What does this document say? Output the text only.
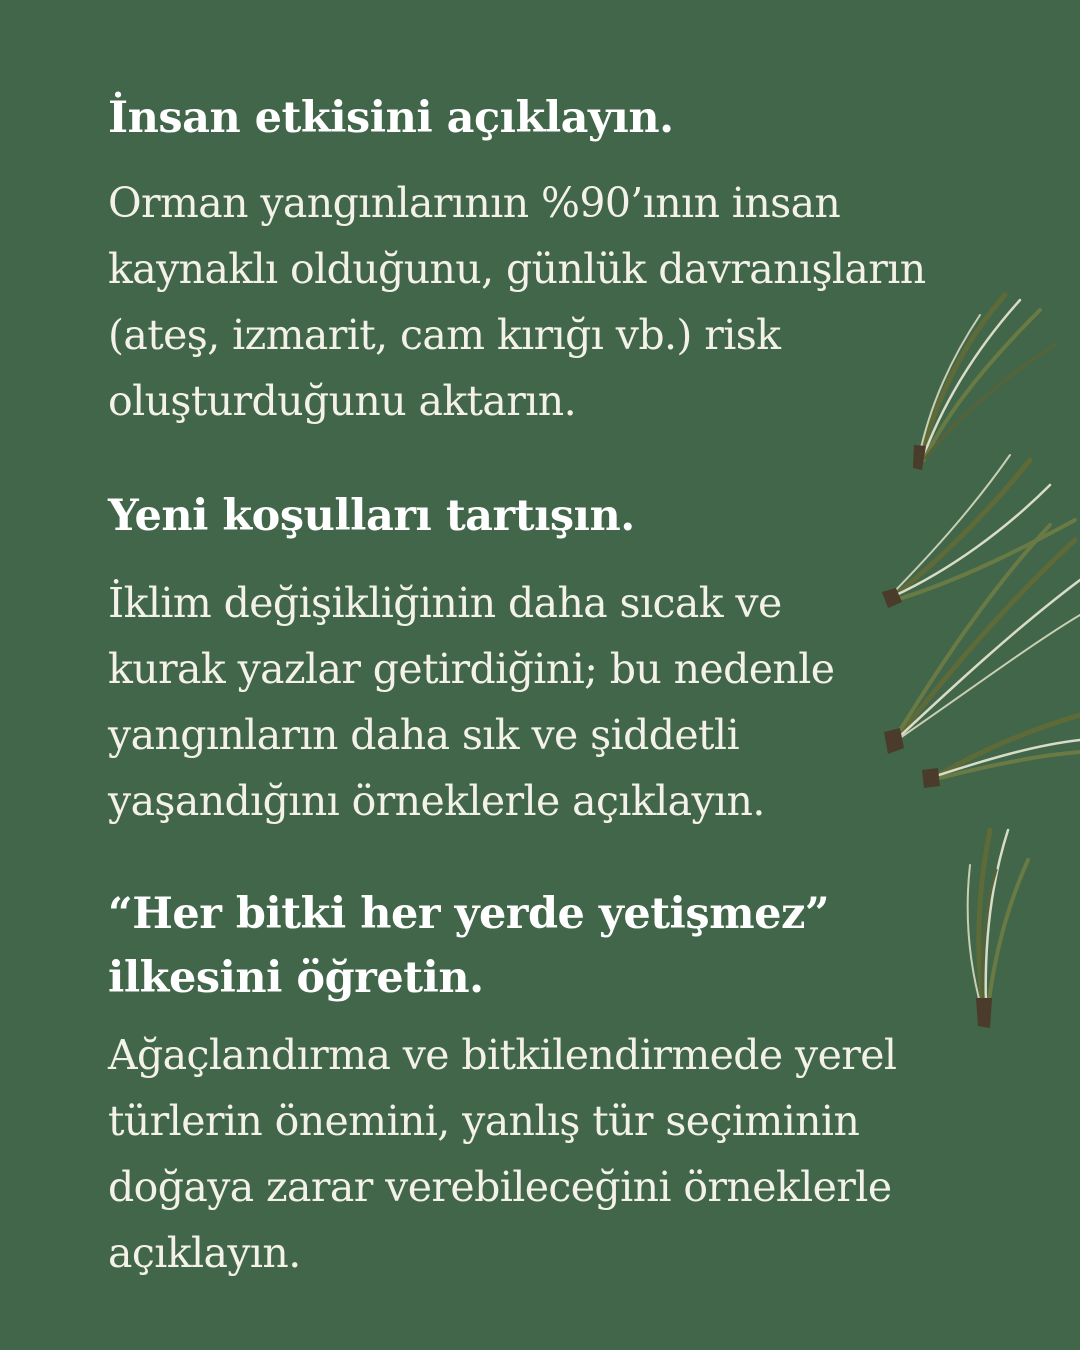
İnsan etkisini açıklayın.

Orman yangınlarının %90’ının insan

kaynaklı olduğunu, günlük davranışların

(ateş, izmarit, cam kırığı vb.) risk

oluşturduğunu aktarın.

Yeni koşulları tartışın.

İklim değişikliğinin daha sıcak ve

kurak yazlar getirdiğini; bu nedenle

yangınların daha sık ve şiddetli

yaşandığını örneklerle açıklayın.

“Her bitki her yerde yetişmez”
ilkesini öğretin.

Ağaçlandırma ve bitkilendirmede yerel

türlerin önemini, yanlış tür seçiminin

doğaya zarar verebileceğini örneklerle

açıklayın.
